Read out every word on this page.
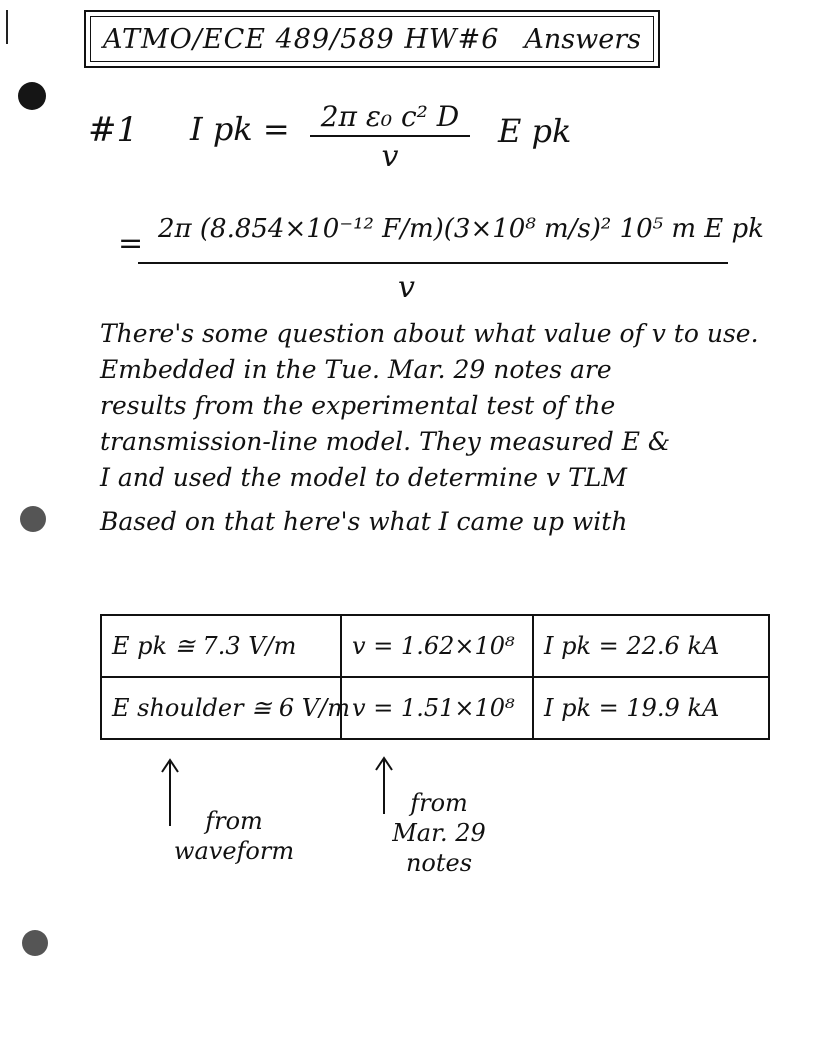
ATMO/ECE 489/589 HW#6 Answers
#1 I pk =	2π ε₀ c² D
v
E pk
= 2π (8.854×10⁻¹² F/m)(3×10⁸ m/s)² 10⁵ m E pk
v
There's some question about what value of v to use.
Embedded in the Tue. Mar. 29 notes are
results from the experimental test of the
transmission-line model. They measured E &
I and used the model to determine v TLM
Based on that here's what I came up with
E pk ≅ 7.3 V/m	v = 1.62×10⁸	I pk = 22.6 kA
E shoulder ≅ 6 V/m	v = 1.51×10⁸	I pk = 19.9 kA
from
waveform
from
Mar. 29
notes
